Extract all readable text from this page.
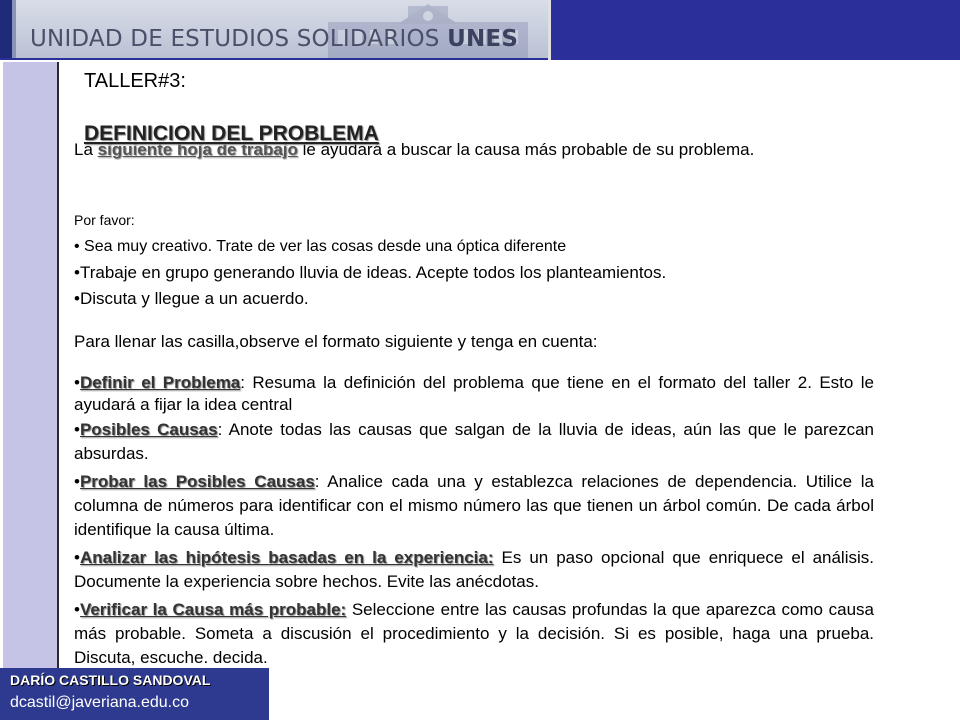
UNIDAD DE ESTUDIOS SOLIDARIOS UNES
TALLER#3:
La siguiente hoja de trabajo le ayudará a buscar la causa más probable de su problema.
DEFINICION DEL PROBLEMA
Por favor:
• Sea muy creativo. Trate de ver las cosas desde una óptica diferente
•Trabaje en grupo generando lluvia de ideas. Acepte todos los planteamientos.
•Discuta y llegue a un acuerdo.
Para llenar las casilla,observe el formato siguiente y tenga en cuenta:
•Definir el Problema: Resuma la definición del problema que tiene en el formato del taller 2. Esto le ayudará a fijar la idea central
•Posibles Causas: Anote todas las causas que salgan de la lluvia de ideas, aún las que le parezcan absurdas.
•Probar las Posibles Causas: Analice cada una y establezca relaciones de dependencia. Utilice la columna de números para identificar con el mismo número las que tienen un árbol común. De cada árbol identifique la causa última.
•Analizar las hipótesis basadas en la experiencia: Es un paso opcional que enriquece el análisis. Documente la experiencia sobre hechos. Evite las anécdotas.
•Verificar la Causa más probable: Seleccione entre las causas profundas la que aparezca como causa más probable. Someta a discusión el procedimiento y la decisión. Si es posible, haga una prueba. Discuta, escuche. decida.
DARÍO CASTILLO SANDOVAL
dcastil@javeriana.edu.co
